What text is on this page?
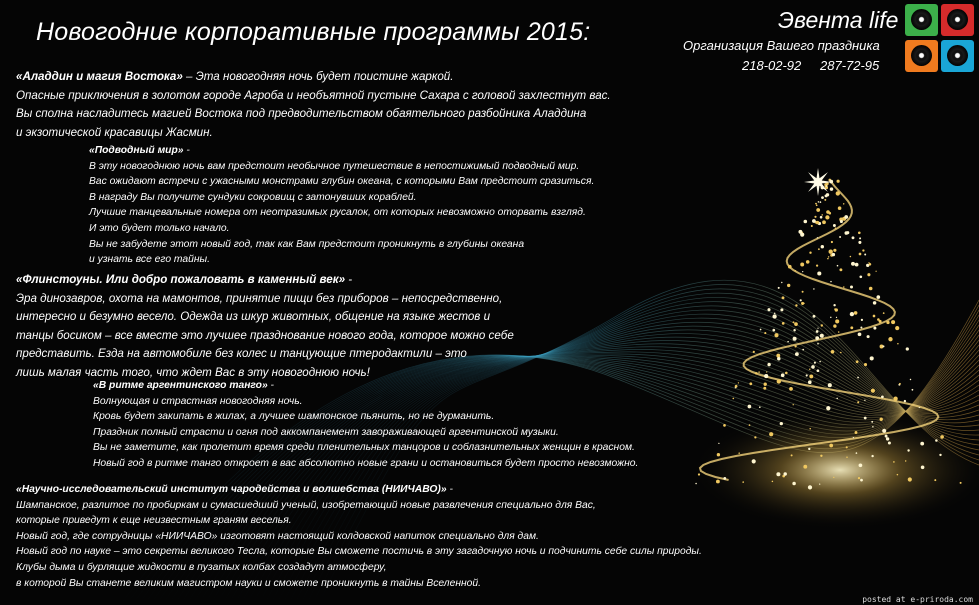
Новогодние корпоративные программы 2015:	Эвента life
Организация Вашего праздника
218-02-92 287-72-95
«Аладдин и магия Востока» – Эта новогодняя ночь будет поистине жаркой.
Опасные приключения в золотом городе Агроба и необъятной пустыне Сахара с головой захлестнут вас.
Вы сполна насладитесь магией Востока под предводительством обаятельного разбойника Аладдина
и экзотической красавицы Жасмин.
«Подводный мир» -
В эту новогоднюю ночь вам предстоит необычное путешествие в непостижимый подводный мир.
Вас ожидают встречи с ужасными монстрами глубин океана, с которыми Вам предстоит сразиться.
В награду Вы получите сундуки сокровищ с затонувших кораблей.
Лучшие танцевальные номера от неотразимых русалок, от которых невозможно оторвать взгляд.
И это будет только начало.
Вы не забудете этот новый год, так как Вам предстоит проникнуть в глубины океана
и узнать все его тайны.
«Флинстоуны. Или добро пожаловать в каменный век» -
Эра динозавров, охота на мамонтов, принятие пищи без приборов – непосредственно,
интересно и безумно весело. Одежда из шкур животных, общение на языке жестов и
танцы босиком – все вместе это лучшее празднование нового года, которое можно себе
представить. Езда на автомобиле без колес и танцующие птеродактили – это
лишь малая часть того, что ждет Вас в эту новогоднюю ночь!
«В ритме аргентинского танго» -
Волнующая и страстная новогодняя ночь.
Кровь будет закипать в жилах, а лучшее шампонское пьянить, но не дурманить.
Праздник полный страсти и огня под аккомпанемент завораживающей аргентинской музыки.
Вы не заметите, как пролетит время среди пленительных танцоров и соблазнительных женщин в красном.
Новый год в ритме танго откроет в вас абсолютно новые грани и остановиться будет просто невозможно.
«Научно-исследовательский институт чародейства и волшебства (НИИЧАВО)» -
Шампанское, разлитое по пробиркам и сумасшедший ученый, изобретающий новые развлечения специально для Вас,
которые приведут к еще неизвестным граням веселья.
Новый год, где сотрудницы «НИИЧАВО» изготовят настоящий колдовской напиток специально для дам.
Новый год по науке – это секреты великого Тесла, которые Вы сможете постичь в эту загадочную ночь и подчинить себе силы природы.
Клубы дыма и бурлящие жидкости в пузатых колбах создадут атмосферу,
в которой Вы станете великим магистром науки и сможете проникнуть в тайны Вселенной.
posted at e-priroda.com
